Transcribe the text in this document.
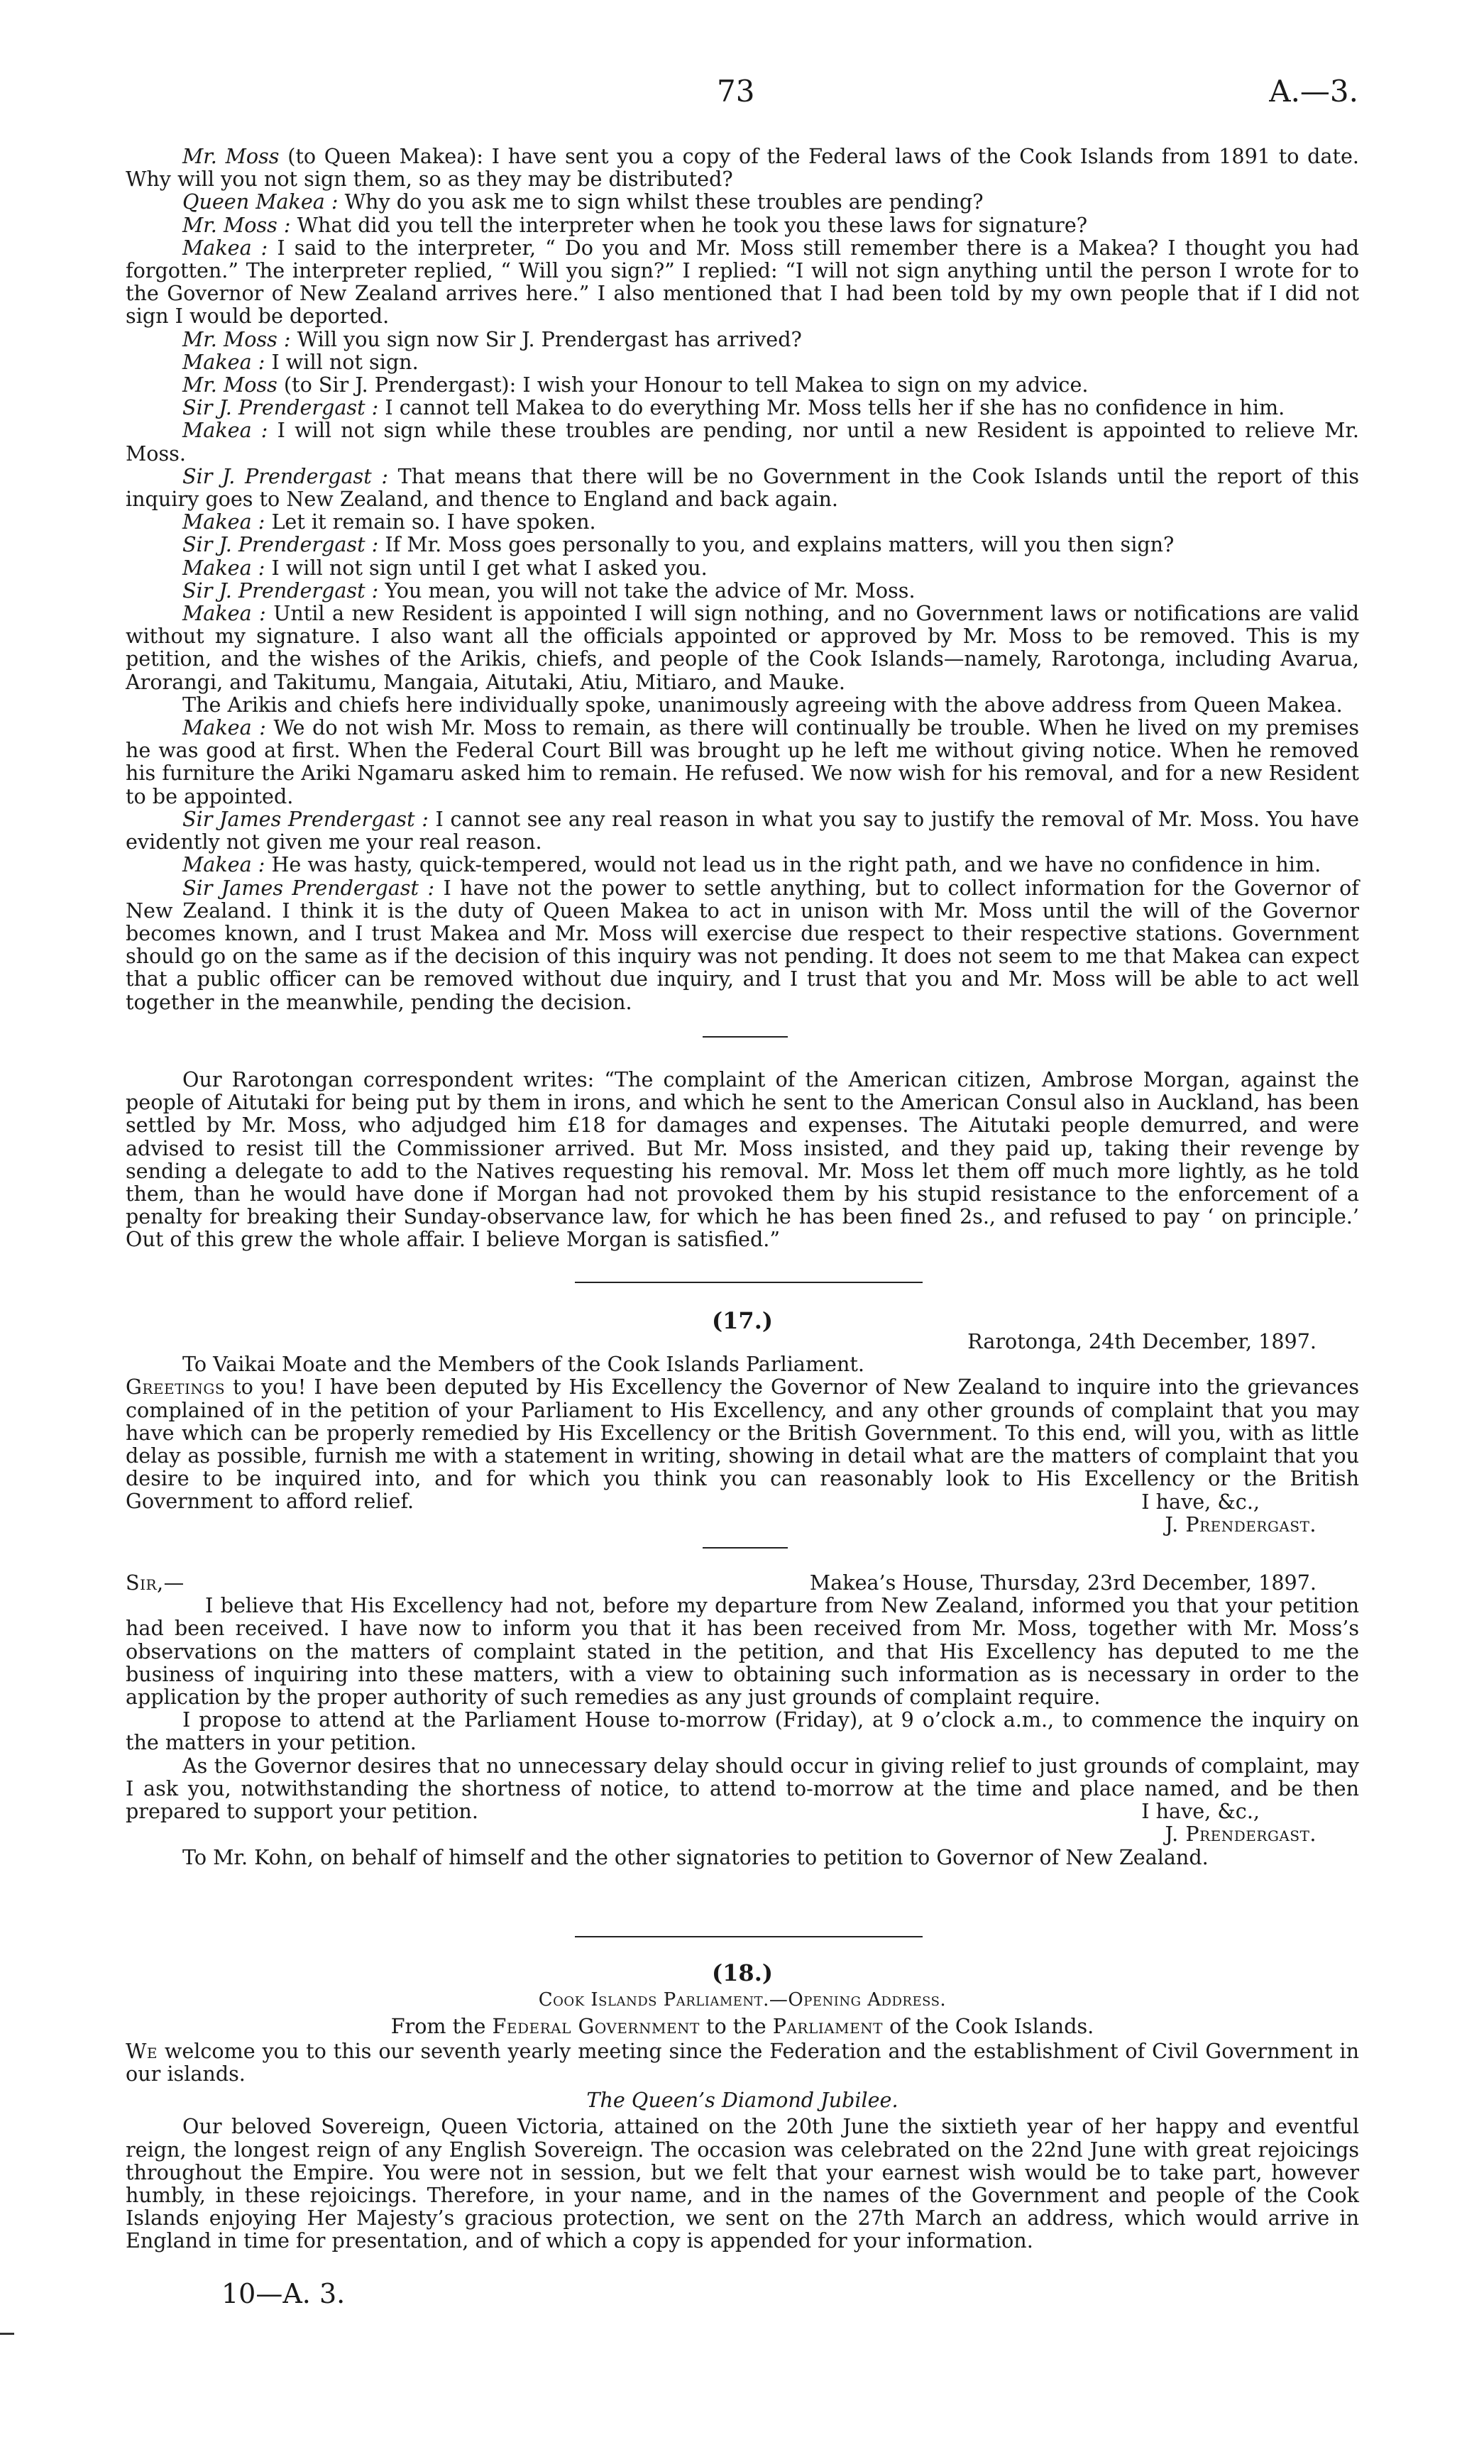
73	A.—3.

Mr. Moss (to Queen Makea): I have sent you a copy of the Federal laws of the Cook Islands from 1891 to date. Why will you not sign them, so as they may be distributed?

Queen Makea : Why do you ask me to sign whilst these troubles are pending?

Mr. Moss : What did you tell the interpreter when he took you these laws for signature?

Makea : I said to the interpreter, “ Do you and Mr. Moss still remember there is a Makea? I thought you had forgotten.” The interpreter replied, “ Will you sign?” I replied: “I will not sign anything until the person I wrote for to the Governor of New Zealand arrives here.” I also mentioned that I had been told by my own people that if I did not sign I would be deported.

Mr. Moss : Will you sign now Sir J. Prendergast has arrived?

Makea : I will not sign.

Mr. Moss (to Sir J. Prendergast): I wish your Honour to tell Makea to sign on my advice.

Sir J. Prendergast : I cannot tell Makea to do everything Mr. Moss tells her if she has no confidence in him.

Makea : I will not sign while these troubles are pending, nor until a new Resident is appointed to relieve Mr. Moss.

Sir J. Prendergast : That means that there will be no Government in the Cook Islands until the report of this inquiry goes to New Zealand, and thence to England and back again.

Makea : Let it remain so. I have spoken.

Sir J. Prendergast : If Mr. Moss goes personally to you, and explains matters, will you then sign?

Makea : I will not sign until I get what I asked you.

Sir J. Prendergast : You mean, you will not take the advice of Mr. Moss.

Makea : Until a new Resident is appointed I will sign nothing, and no Government laws or notifications are valid without my signature. I also want all the officials appointed or approved by Mr. Moss to be removed. This is my petition, and the wishes of the Arikis, chiefs, and people of the Cook Islands—namely, Rarotonga, including Avarua, Arorangi, and Takitumu, Mangaia, Aitutaki, Atiu, Mitiaro, and Mauke.

The Arikis and chiefs here individually spoke, unanimously agreeing with the above address from Queen Makea.

Makea : We do not wish Mr. Moss to remain, as there will continually be trouble. When he lived on my premises he was good at first. When the Federal Court Bill was brought up he left me without giving notice. When he removed his furniture the Ariki Ngamaru asked him to remain. He refused. We now wish for his removal, and for a new Resident to be appointed.

Sir James Prendergast : I cannot see any real reason in what you say to justify the removal of Mr. Moss. You have evidently not given me your real reason.

Makea : He was hasty, quick-tempered, would not lead us in the right path, and we have no confidence in him.

Sir James Prendergast : I have not the power to settle anything, but to collect information for the Governor of New Zealand. I think it is the duty of Queen Makea to act in unison with Mr. Moss until the will of the Governor becomes known, and I trust Makea and Mr. Moss will exercise due respect to their respective stations. Government should go on the same as if the decision of this inquiry was not pending. It does not seem to me that Makea can expect that a public officer can be removed without due inquiry, and I trust that you and Mr. Moss will be able to act well together in the meanwhile, pending the decision.

Our Rarotongan correspondent writes: “The complaint of the American citizen, Ambrose Morgan, against the people of Aitutaki for being put by them in irons, and which he sent to the American Consul also in Auckland, has been settled by Mr. Moss, who adjudged him £18 for damages and expenses. The Aitutaki people demurred, and were advised to resist till the Commissioner arrived. But Mr. Moss insisted, and they paid up, taking their revenge by sending a delegate to add to the Natives requesting his removal. Mr. Moss let them off much more lightly, as he told them, than he would have done if Morgan had not provoked them by his stupid resistance to the enforcement of a penalty for breaking their Sunday-observance law, for which he has been fined 2s., and refused to pay ‘ on principle.’ Out of this grew the whole affair. I believe Morgan is satisfied.”

(17.)

Rarotonga, 24th December, 1897.

To Vaikai Moate and the Members of the Cook Islands Parliament.

Greetings to you! I have been deputed by His Excellency the Governor of New Zealand to inquire into the grievances complained of in the petition of your Parliament to His Excellency, and any other grounds of complaint that you may have which can be properly remedied by His Excellency or the British Government. To this end, will you, with as little delay as possible, furnish me with a statement in writing, showing in detail what are the matters of complaint that you desire to be inquired into, and for which you think you can reasonably look to His Excellency or the British Government to afford relief.	I have, &c.,

J. Prendergast.

Sir,—	Makea’s House, Thursday, 23rd December, 1897.

I believe that His Excellency had not, before my departure from New Zealand, informed you that your petition had been received. I have now to inform you that it has been received from Mr. Moss, together with Mr. Moss’s observations on the matters of complaint stated in the petition, and that His Excellency has deputed to me the business of inquiring into these matters, with a view to obtaining such information as is necessary in order to the application by the proper authority of such remedies as any just grounds of complaint require.

I propose to attend at the Parliament House to-morrow (Friday), at 9 o’clock a.m., to commence the inquiry on the matters in your petition.

As the Governor desires that no unnecessary delay should occur in giving relief to just grounds of complaint, may I ask you, notwithstanding the shortness of notice, to attend to-morrow at the time and place named, and be then prepared to support your petition.	I have, &c.,

J. Prendergast.

To Mr. Kohn, on behalf of himself and the other signatories to petition to Governor of New Zealand.

(18.)

Cook Islands Parliament.—Opening Address.

From the Federal Government to the Parliament of the Cook Islands.

We welcome you to this our seventh yearly meeting since the Federation and the establishment of Civil Government in our islands.

The Queen’s Diamond Jubilee.

Our beloved Sovereign, Queen Victoria, attained on the 20th June the sixtieth year of her happy and eventful reign, the longest reign of any English Sovereign. The occasion was celebrated on the 22nd June with great rejoicings throughout the Empire. You were not in session, but we felt that your earnest wish would be to take part, however humbly, in these rejoicings. Therefore, in your name, and in the names of the Government and people of the Cook Islands enjoying Her Majesty’s gracious protection, we sent on the 27th March an address, which would arrive in England in time for presentation, and of which a copy is appended for your information.

10—A. 3.
